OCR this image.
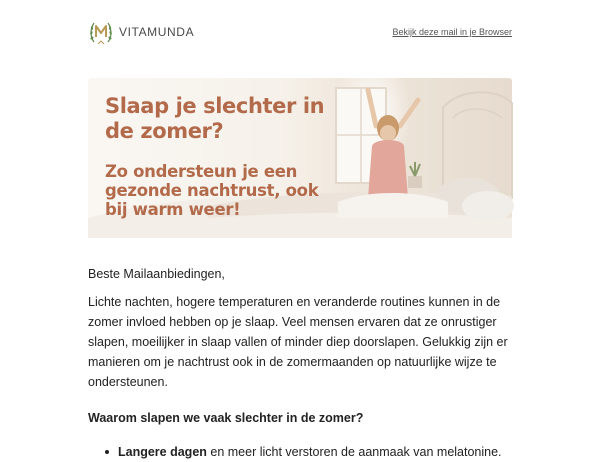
VITAMUNDA	Bekijk deze mail in je Browser
Slaap je slechter in de zomer?
Zo ondersteun je een gezonde nachtrust, ook bij warm weer!

Beste Mailaanbiedingen,

Lichte nachten, hogere temperaturen en veranderde routines kunnen in de zomer invloed hebben op je slaap. Veel mensen ervaren dat ze onrustiger slapen, moeilijker in slaap vallen of minder diep doorslapen. Gelukkig zijn er manieren om je nachtrust ook in de zomermaanden op natuurlijke wijze te ondersteunen.

Waarom slapen we vaak slechter in de zomer?

Langere dagen en meer licht verstoren de aanmaak van melatonine.
